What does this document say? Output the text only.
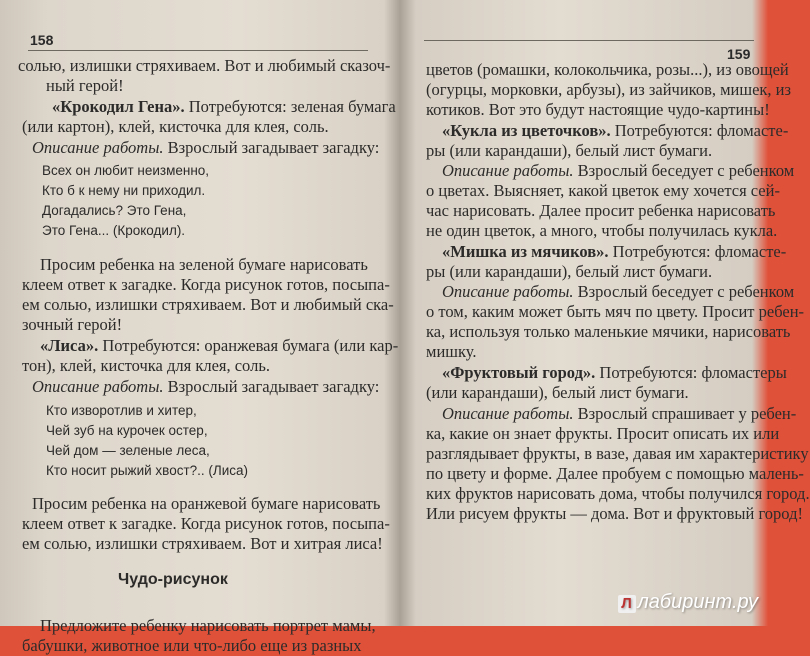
158
солью, излишки стряхиваем. Вот и любимый сказоч-
ный герой!
«Крокодил Гена». Потребуются: зеленая бумага
(или картон), клей, кисточка для клея, соль.
Описание работы. Взрослый загадывает загадку:
Всех он любит неизменно,
Кто б к нему ни приходил.
Догадались? Это Гена,
Это Гена... (Крокодил).
Просим ребенка на зеленой бумаге нарисовать
клеем ответ к загадке. Когда рисунок готов, посыпа-
ем солью, излишки стряхиваем. Вот и любимый ска-
зочный герой!
«Лиса». Потребуются: оранжевая бумага (или кар-
тон), клей, кисточка для клея, соль.
Описание работы. Взрослый загадывает загадку:
Кто изворотлив и хитер,
Чей зуб на курочек остер,
Чей дом — зеленые леса,
Кто носит рыжий хвост?.. (Лиса)
Просим ребенка на оранжевой бумаге нарисовать
клеем ответ к загадке. Когда рисунок готов, посыпа-
ем солью, излишки стряхиваем. Вот и хитрая лиса!
Чудо-рисунок
Предложите ребенку нарисовать портрет мамы,
бабушки, животное или что-либо еще из разных
159
цветов (ромашки, колокольчика, розы...), из овощей
(огурцы, морковки, арбузы), из зайчиков, мишек, из
котиков. Вот это будут настоящие чудо-картины!
«Кукла из цветочков». Потребуются: фломасте-
ры (или карандаши), белый лист бумаги.
Описание работы. Взрослый беседует с ребенком
о цветах. Выясняет, какой цветок ему хочется сей-
час нарисовать. Далее просит ребенка нарисовать
не один цветок, а много, чтобы получилась кукла.
«Мишка из мячиков». Потребуются: фломасте-
ры (или карандаши), белый лист бумаги.
Описание работы. Взрослый беседует с ребенком
о том, каким может быть мяч по цвету. Просит ребен-
ка, используя только маленькие мячики, нарисовать
мишку.
«Фруктовый город». Потребуются: фломастеры
(или карандаши), белый лист бумаги.
Описание работы. Взрослый спрашивает у ребен-
ка, какие он знает фрукты. Просит описать их или
разглядывает фрукты, в вазе, давая им характеристику
по цвету и форме. Далее пробуем с помощью малень-
ких фруктов нарисовать дома, чтобы получился город.
Или рисуем фрукты — дома. Вот и фруктовый город!
Л лабиринт.ру
